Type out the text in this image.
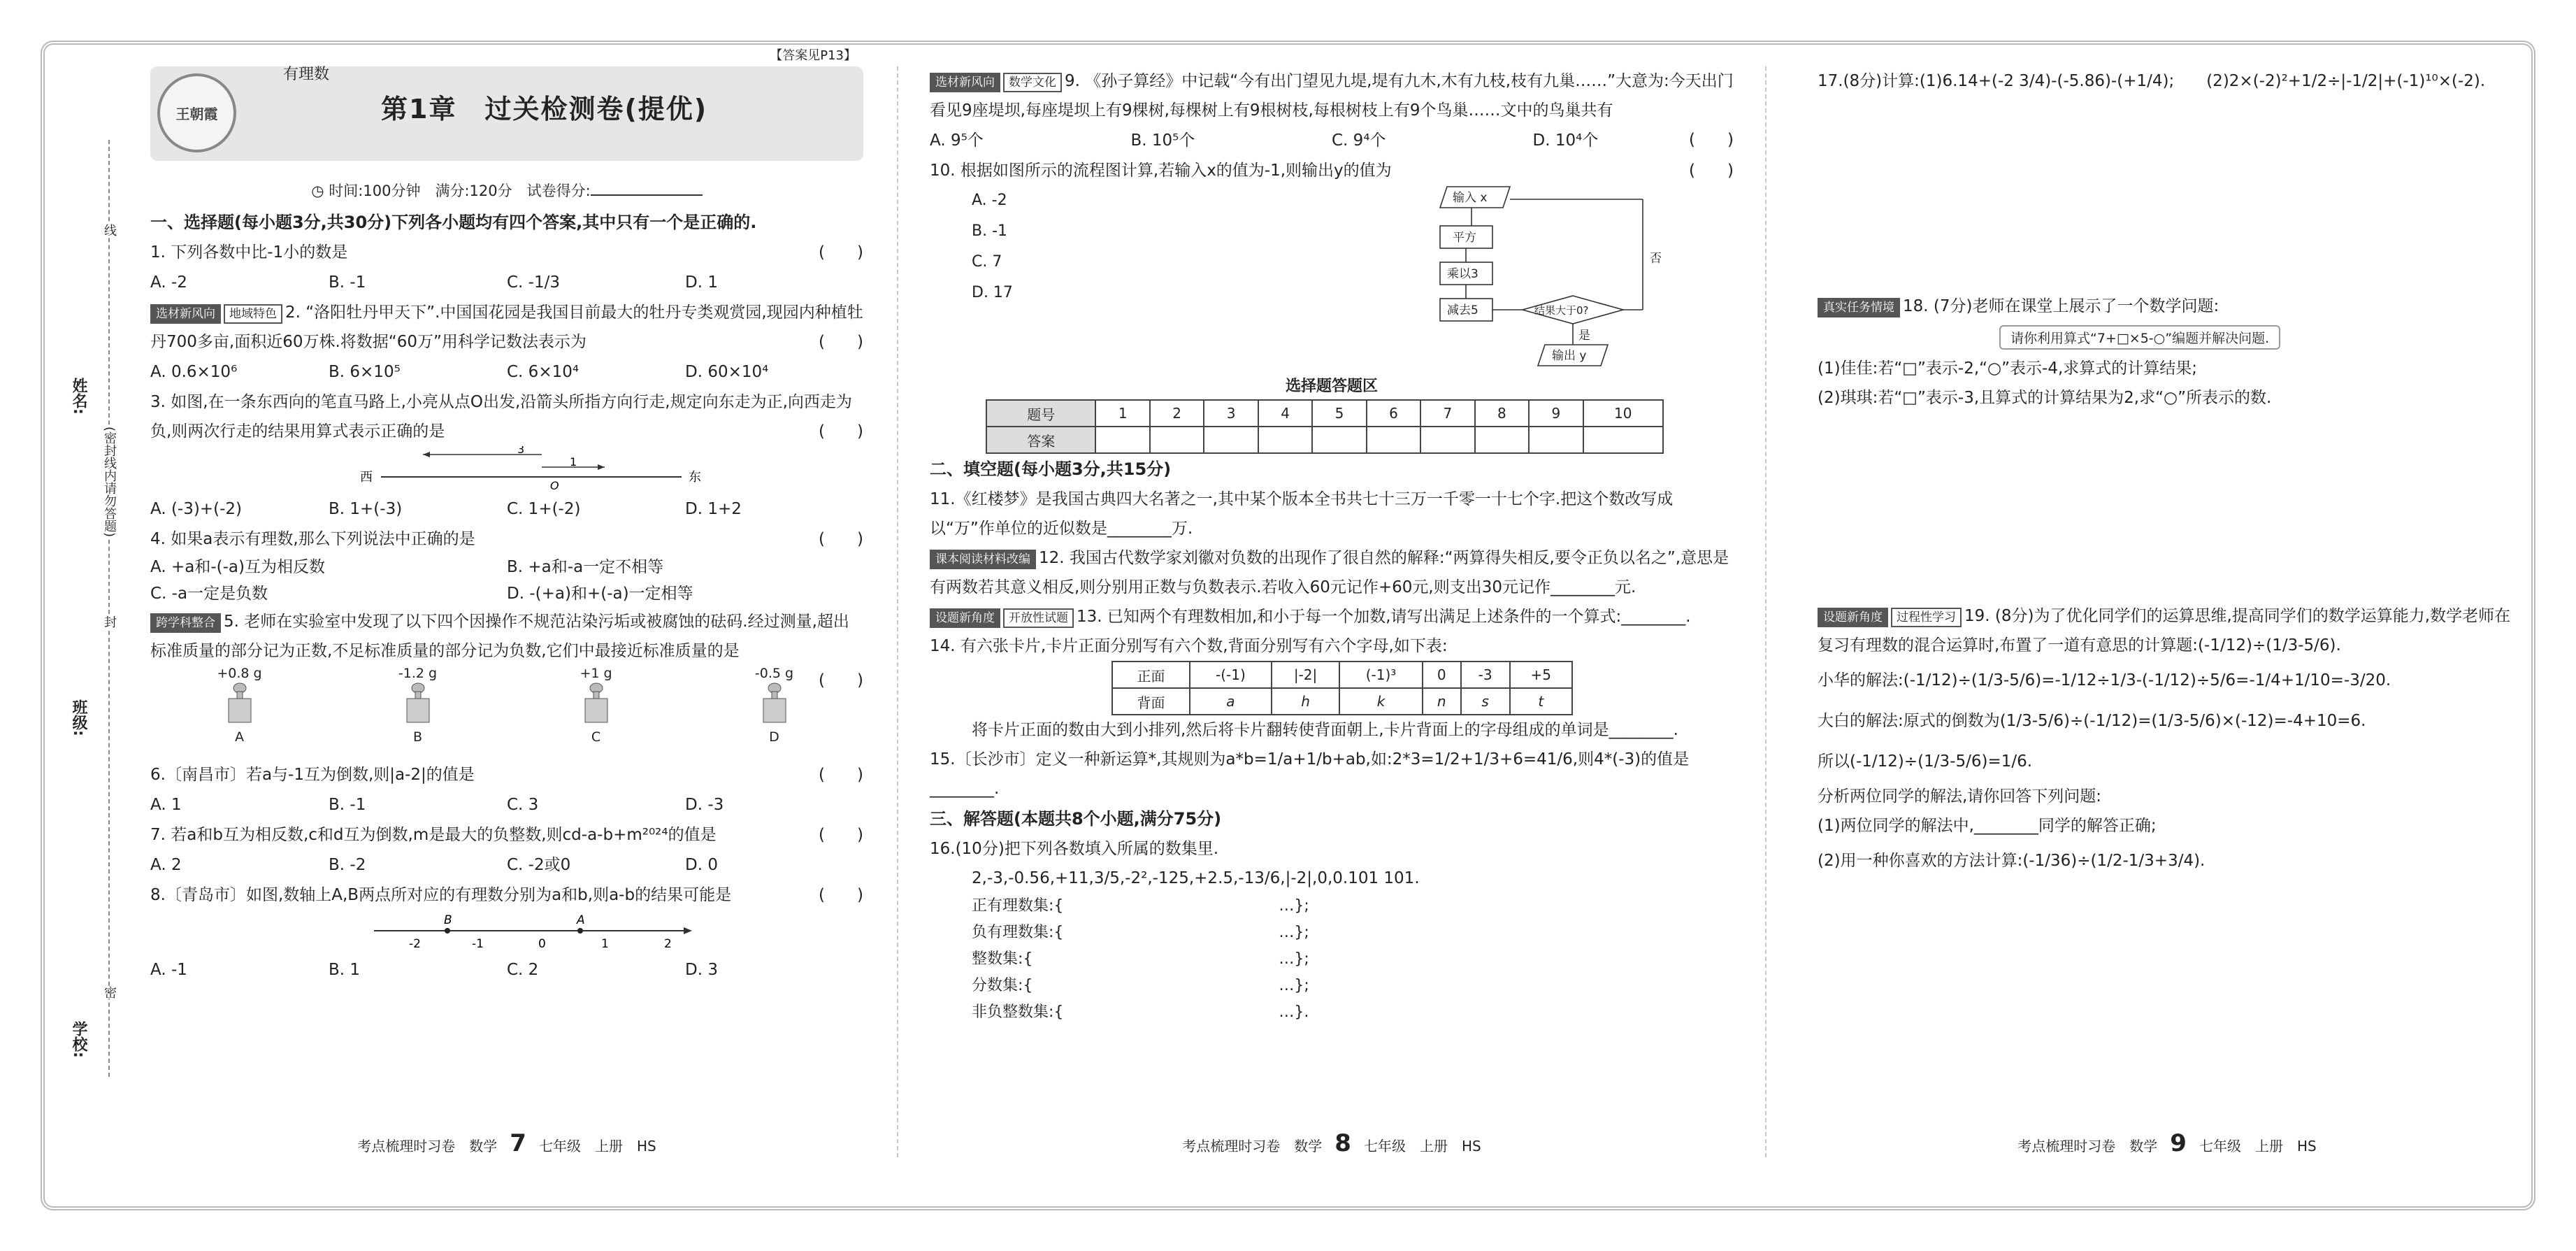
姓名:
班级:
学校:
线
(密封线内请勿答题)
封
密
王朝霞
有理数
【答案见P13】
第1章　过关检测卷(提优)
◷ 时间:100分钟　满分:120分　试卷得分:
一、选择题(每小题3分,共30分)下列各小题均有四个答案,其中只有一个是正确的.
1. 下列各数中比-1小的数是	(　　)
A. -2	B. -1	C. -1/3	D. 1
选材新风向 地域特色 2. “洛阳牡丹甲天下”.中国国花园是我国目前最大的牡丹专类观赏园,现园内种植牡丹700多亩,面积近60万株.将数据“60万”用科学记数法表示为	(　　)
A. 0.6×10⁶	B. 6×10⁵	C. 6×10⁴	D. 60×10⁴
3. 如图,在一条东西向的笔直马路上,小亮从点O出发,沿箭头所指方向行走,规定向东走为正,向西走为负,则两次行走的结果用算式表示正确的是	(　　)
西	东
3
1
O
A. (-3)+(-2)	B. 1+(-3)	C. 1+(-2)	D. 1+2
4. 如果a表示有理数,那么下列说法中正确的是	(　　)
A. +a和-(-a)互为相反数	B. +a和-a一定不相等
C. -a一定是负数	D. -(+a)和+(-a)一定相等
跨学科整合 5. 老师在实验室中发现了以下四个因操作不规范沾染污垢或被腐蚀的砝码.经过测量,超出标准质量的部分记为正数,不足标准质量的部分记为负数,它们中最接近标准质量的是
(　　)
+0.8 g
A
-1.2 g
B
+1 g
C
-0.5 g
D
6.〔南昌市〕若a与-1互为倒数,则|a-2|的值是	(　　)
A. 1	B. -1	C. 3	D. -3
7. 若a和b互为相反数,c和d互为倒数,m是最大的负整数,则cd-a-b+m²⁰²⁴的值是	(　　)
A. 2	B. -2	C. -2或0	D. 0
8.〔青岛市〕如图,数轴上A,B两点所对应的有理数分别为a和b,则a-b的结果可能是	(　　)
-2	-1	0	1	2
B	A
A. -1	B. 1	C. 2	D. 3
考点梳理时习卷　数学 7 七年级　上册　HS
选材新风向 数学文化 9. 《孙子算经》中记载“今有出门望见九堤,堤有九木,木有九枝,枝有九巢……”大意为:今天出门看见9座堤坝,每座堤坝上有9棵树,每棵树上有9根树枝,每根树枝上有9个鸟巢……文中的鸟巢共有
(　　)
A. 9⁵个	B. 10⁵个	C. 9⁴个	D. 10⁴个
10. 根据如图所示的流程图计算,若输入x的值为-1,则输出y的值为	(　　)
A. -2
B. -1
C. 7
D. 17
输入 x
平方
乘以3
减去5	结果大于0?
否
是
输出 y
选择题答题区
题号	1	2	3	4	5	6	7	8	9	10
答案										
二、填空题(每小题3分,共15分)
11.《红楼梦》是我国古典四大名著之一,其中某个版本全书共七十三万一千零一十七个字.把这个数改写成以“万”作单位的近似数是________万.
课本阅读材料改编 12. 我国古代数学家刘徽对负数的出现作了很自然的解释:“两算得失相反,要令正负以名之”,意思是有两数若其意义相反,则分别用正数与负数表示.若收入60元记作+60元,则支出30元记作________元.
设题新角度 开放性试题 13. 已知两个有理数相加,和小于每一个加数,请写出满足上述条件的一个算式:________.
14. 有六张卡片,卡片正面分别写有六个数,背面分别写有六个字母,如下表:
正面	-(-1)	|-2|	(-1)³	0	-3	+5
背面	a	h	k	n	s	t
将卡片正面的数由大到小排列,然后将卡片翻转使背面朝上,卡片背面上的字母组成的单词是________.
15.〔长沙市〕定义一种新运算*,其规则为a*b=1/a+1/b+ab,如:2*3=1/2+1/3+6=41/6,则4*(-3)的值是________.
三、解答题(本题共8个小题,满分75分)
16.(10分)把下列各数填入所属的数集里.
2,-3,-0.56,+11,3/5,-2²,-125,+2.5,-13/6,|-2|,0,0.101 101.
正有理数集:{　　　　　　　　　　　　　　…};
负有理数集:{　　　　　　　　　　　　　　…};
整数集:{　　　　　　　　　　　　　　　　…};
分数集:{　　　　　　　　　　　　　　　　…};
非负整数集:{　　　　　　　　　　　　　　…}.
考点梳理时习卷　数学 8 七年级　上册　HS
17.(8分)计算:(1)6.14+(-2 3/4)-(-5.86)-(+1/4);　　(2)2×(-2)²+1/2÷|-1/2|+(-1)¹⁰×(-2).
真实任务情境 18. (7分)老师在课堂上展示了一个数学问题:
请你利用算式“7+□×5-○”编题并解决问题.
(1)佳佳:若“□”表示-2,“○”表示-4,求算式的计算结果;
(2)琪琪:若“□”表示-3,且算式的计算结果为2,求“○”所表示的数.
设题新角度 过程性学习 19. (8分)为了优化同学们的运算思维,提高同学们的数学运算能力,数学老师在复习有理数的混合运算时,布置了一道有意思的计算题:(-1/12)÷(1/3-5/6).
小华的解法:(-1/12)÷(1/3-5/6)=-1/12÷1/3-(-1/12)÷5/6=-1/4+1/10=-3/20.
大白的解法:原式的倒数为(1/3-5/6)÷(-1/12)=(1/3-5/6)×(-12)=-4+10=6.
所以(-1/12)÷(1/3-5/6)=1/6.
分析两位同学的解法,请你回答下列问题:
(1)两位同学的解法中,________同学的解答正确;
(2)用一种你喜欢的方法计算:(-1/36)÷(1/2-1/3+3/4).
考点梳理时习卷　数学 9 七年级　上册　HS
